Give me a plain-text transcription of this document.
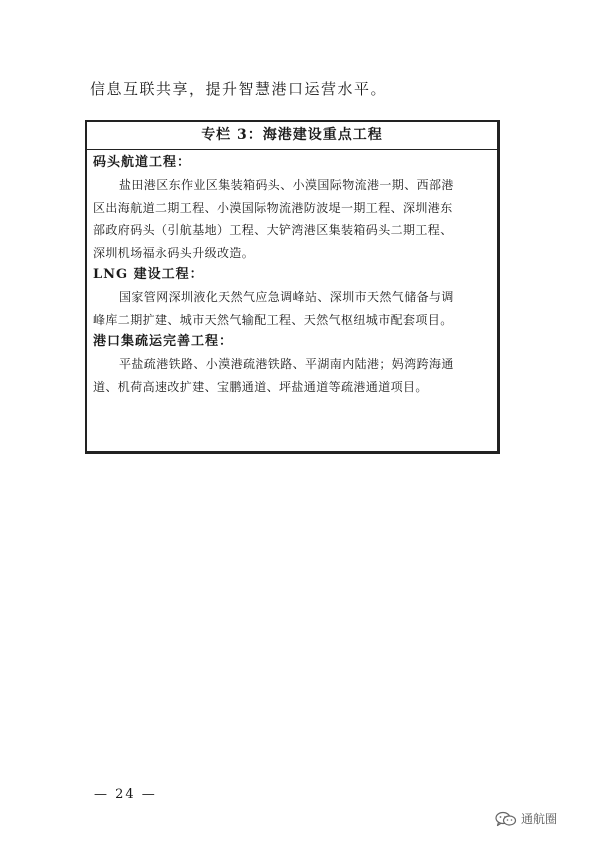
信息互联共享，提升智慧港口运营水平。
专栏 3：海港建设重点工程
码头航道工程：
盐田港区东作业区集装箱码头、小漠国际物流港一期、西部港
区出海航道二期工程、小漠国际物流港防波堤一期工程、深圳港东
部政府码头（引航基地）工程、大铲湾港区集装箱码头二期工程、
深圳机场福永码头升级改造。
LNG 建设工程：
国家管网深圳液化天然气应急调峰站、深圳市天然气储备与调
峰库二期扩建、城市天然气输配工程、天然气枢纽城市配套项目。
港口集疏运完善工程：
平盐疏港铁路、小漠港疏港铁路、平湖南内陆港；妈湾跨海通
道、机荷高速改扩建、宝鹏通道、坪盐通道等疏港通道项目。
— 24 —
通航圈
